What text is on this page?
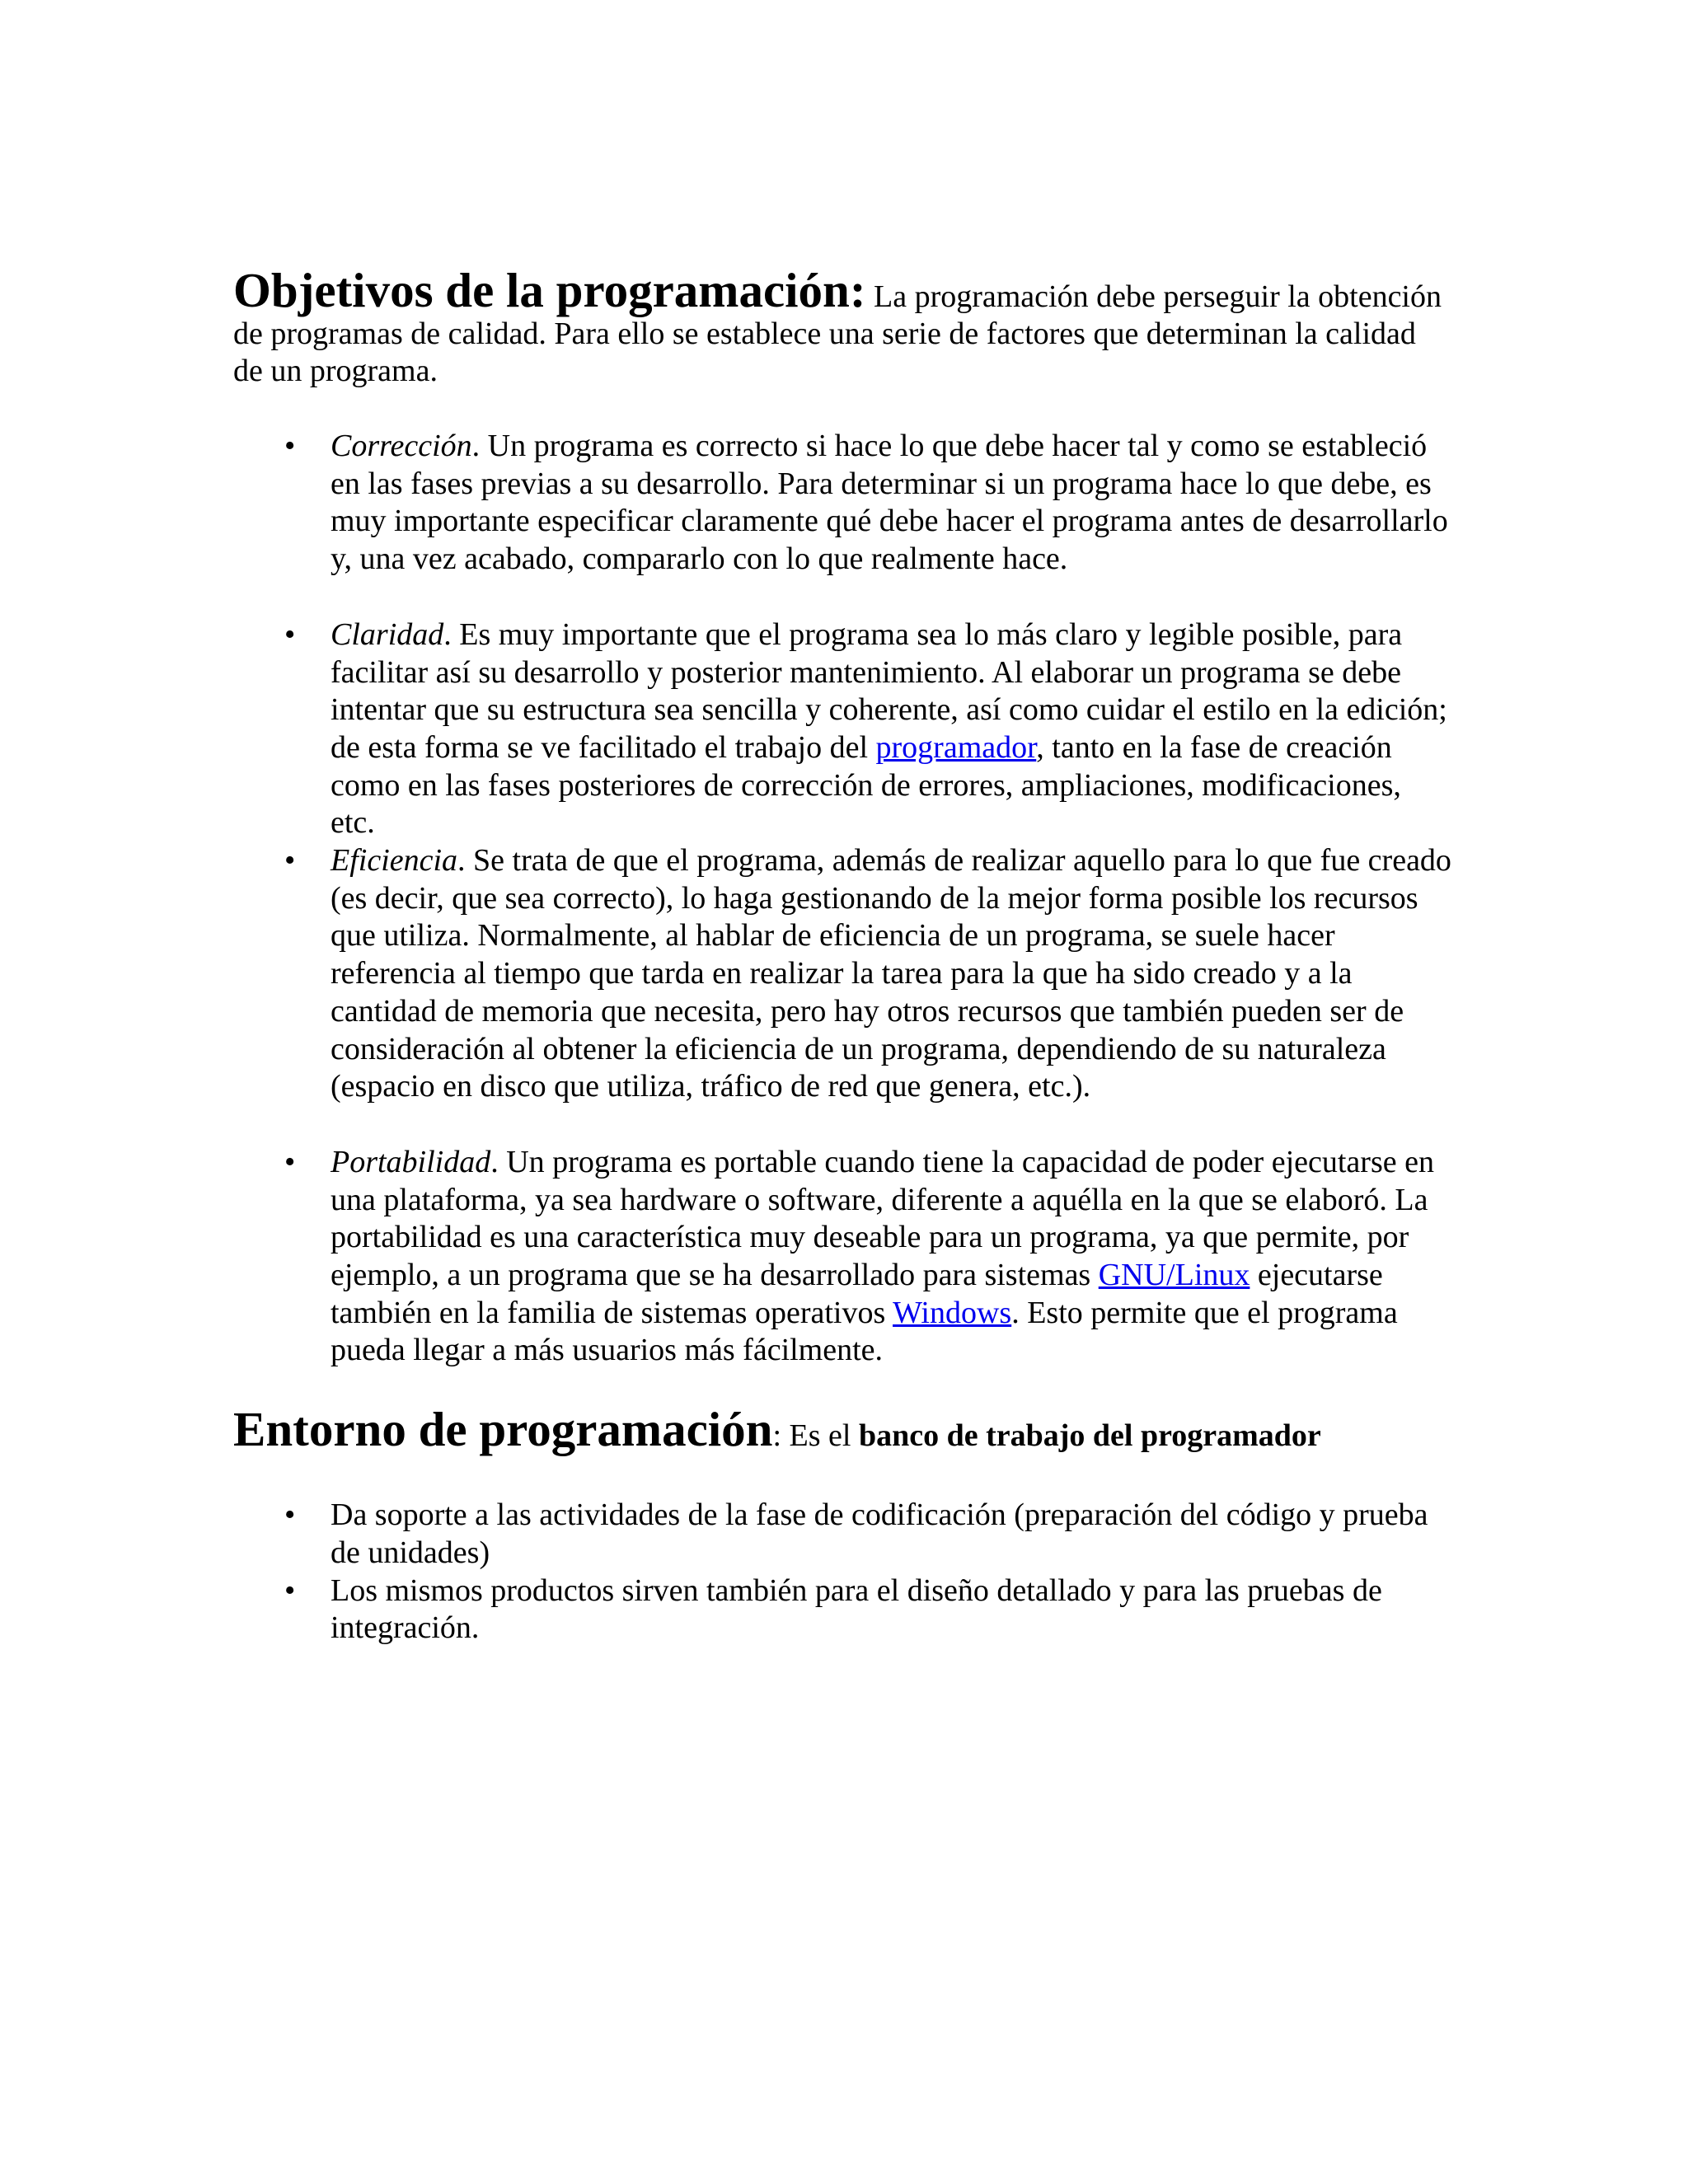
Objetivos de la programación: La programación debe perseguir la obtención de programas de calidad. Para ello se establece una serie de factores que determinan la calidad de un programa.

• Corrección. Un programa es correcto si hace lo que debe hacer tal y como se estableció en las fases previas a su desarrollo. Para determinar si un programa hace lo que debe, es muy importante especificar claramente qué debe hacer el programa antes de desarrollarlo y, una vez acabado, compararlo con lo que realmente hace.
• Claridad. Es muy importante que el programa sea lo más claro y legible posible, para facilitar así su desarrollo y posterior mantenimiento. Al elaborar un programa se debe intentar que su estructura sea sencilla y coherente, así como cuidar el estilo en la edición; de esta forma se ve facilitado el trabajo del programador, tanto en la fase de creación como en las fases posteriores de corrección de errores, ampliaciones, modificaciones, etc.
• Eficiencia. Se trata de que el programa, además de realizar aquello para lo que fue creado (es decir, que sea correcto), lo haga gestionando de la mejor forma posible los recursos que utiliza. Normalmente, al hablar de eficiencia de un programa, se suele hacer referencia al tiempo que tarda en realizar la tarea para la que ha sido creado y a la cantidad de memoria que necesita, pero hay otros recursos que también pueden ser de consideración al obtener la eficiencia de un programa, dependiendo de su naturaleza (espacio en disco que utiliza, tráfico de red que genera, etc.).
• Portabilidad. Un programa es portable cuando tiene la capacidad de poder ejecutarse en una plataforma, ya sea hardware o software, diferente a aquélla en la que se elaboró. La portabilidad es una característica muy deseable para un programa, ya que permite, por ejemplo, a un programa que se ha desarrollado para sistemas GNU/Linux ejecutarse también en la familia de sistemas operativos Windows. Esto permite que el programa pueda llegar a más usuarios más fácilmente.

Entorno de programación: Es el banco de trabajo del programador

• Da soporte a las actividades de la fase de codificación (preparación del código y prueba de unidades)
• Los mismos productos sirven también para el diseño detallado y para las pruebas de integración.
